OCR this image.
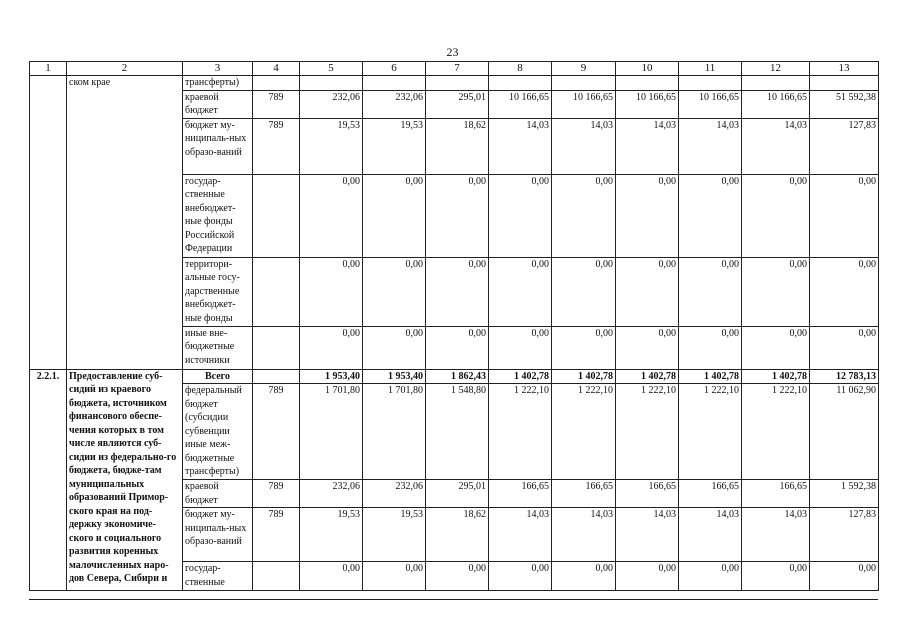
23
1	2	3	4	5	6	7	8	9	10	11	12	13
	ском крае	трансферты)										
		краевой бюджет	789	232,06	232,06	295,01	10 166,65	10 166,65	10 166,65	10 166,65	10 166,65	51 592,38
		бюджет му-ниципаль-ных образо-ваний	789	19,53	19,53	18,62	14,03	14,03	14,03	14,03	14,03	127,83
		государ-ственные внебюджет-ные фонды Российской Федерации		0,00	0,00	0,00	0,00	0,00	0,00	0,00	0,00	0,00
		территори-альные госу-дарственные внебюджет-ные фонды		0,00	0,00	0,00	0,00	0,00	0,00	0,00	0,00	0,00
		иные вне-бюджетные источники		0,00	0,00	0,00	0,00	0,00	0,00	0,00	0,00	0,00
2.2.1.	Предоставление суб-сидий из краевого бюджета, источником финансового обеспе-чения которых в том числе являются суб-сидии из федерально-го бюджета, бюдже-там муниципальных образований Примор-ского края на под-держку экономиче-ского и социального развития коренных малочисленных наро-дов Севера, Сибири и	Всего		1 953,40	1 953,40	1 862,43	1 402,78	1 402,78	1 402,78	1 402,78	1 402,78	12 783,13
		федеральный бюджет (субсидии субвенции иные меж-бюджетные трансферты)	789	1 701,80	1 701,80	1 548,80	1 222,10	1 222,10	1 222,10	1 222,10	1 222,10	11 062,90
		краевой бюджет	789	232,06	232,06	295,01	166,65	166,65	166,65	166,65	166,65	1 592,38
		бюджет му-ниципаль-ных образо-ваний	789	19,53	19,53	18,62	14,03	14,03	14,03	14,03	14,03	127,83
		государ-ственные		0,00	0,00	0,00	0,00	0,00	0,00	0,00	0,00	0,00
